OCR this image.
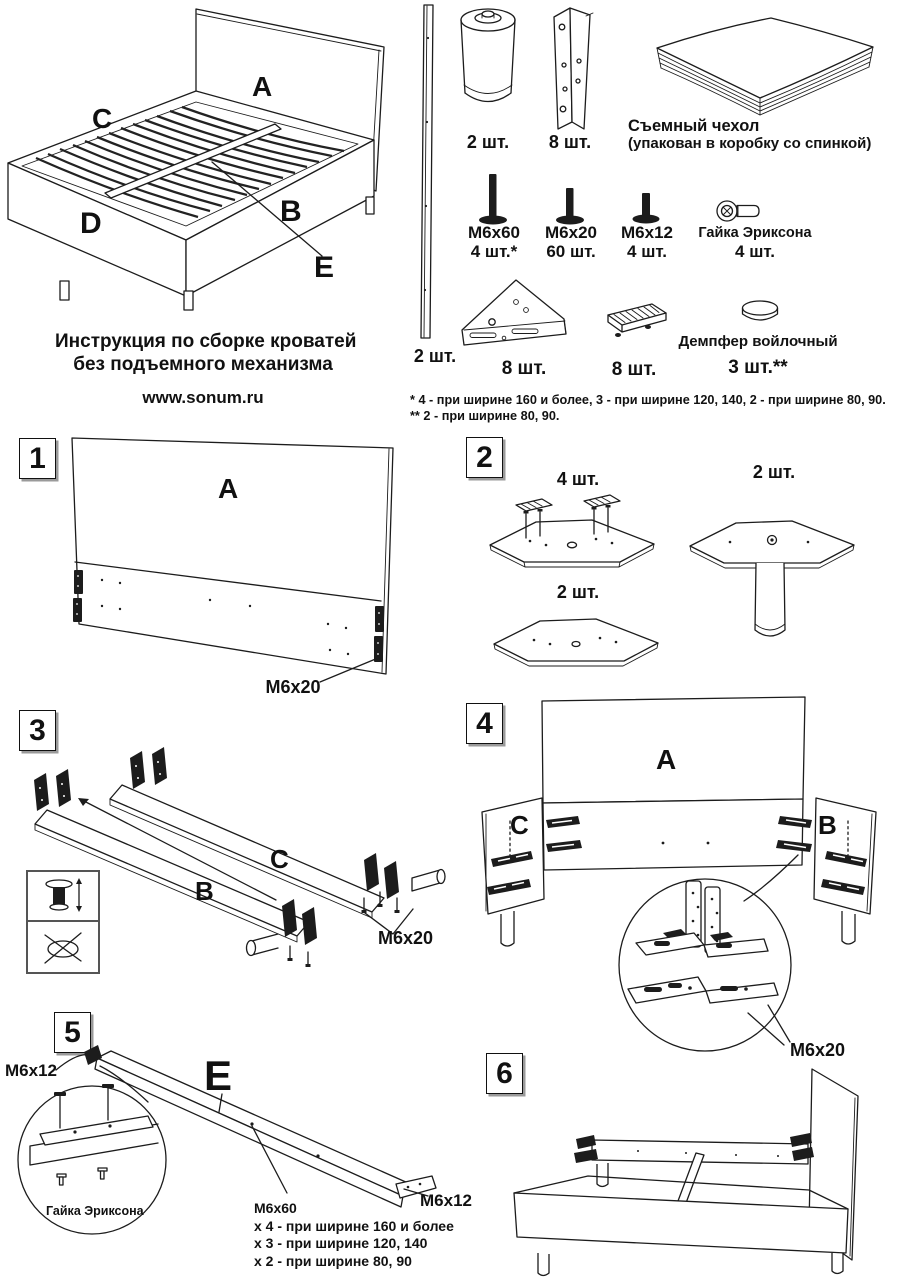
A
C
D	B
E
2 шт.
2 шт.	8 шт.
Съемный чехол
(упакован в коробку со спинкой)
M6x60
4 шт.*
M6x20
60 шт.
M6x12
4 шт.
Гайка Эриксона
4 шт.
8 шт.	8 шт.
Демпфер войлочный
3 шт.**
* 4 - при ширине 160 и более, 3 - при ширине 120, 140, 2 - при ширине 80, 90.
** 2 - при ширине 80, 90.
Инструкция по сборке кроватей
без подъемного механизма
www.sonum.ru
1
A
M6x20
2
4 шт.	2 шт.
2 шт.
3
C
B
M6x20
4
A
C	B
M6x20
5
E
Гайка Эриксона
M6x12
M6x12
M6x60
x 4 - при ширине 160 и более
x 3 - при ширине 120, 140
x 2 - при ширине 80, 90
6
